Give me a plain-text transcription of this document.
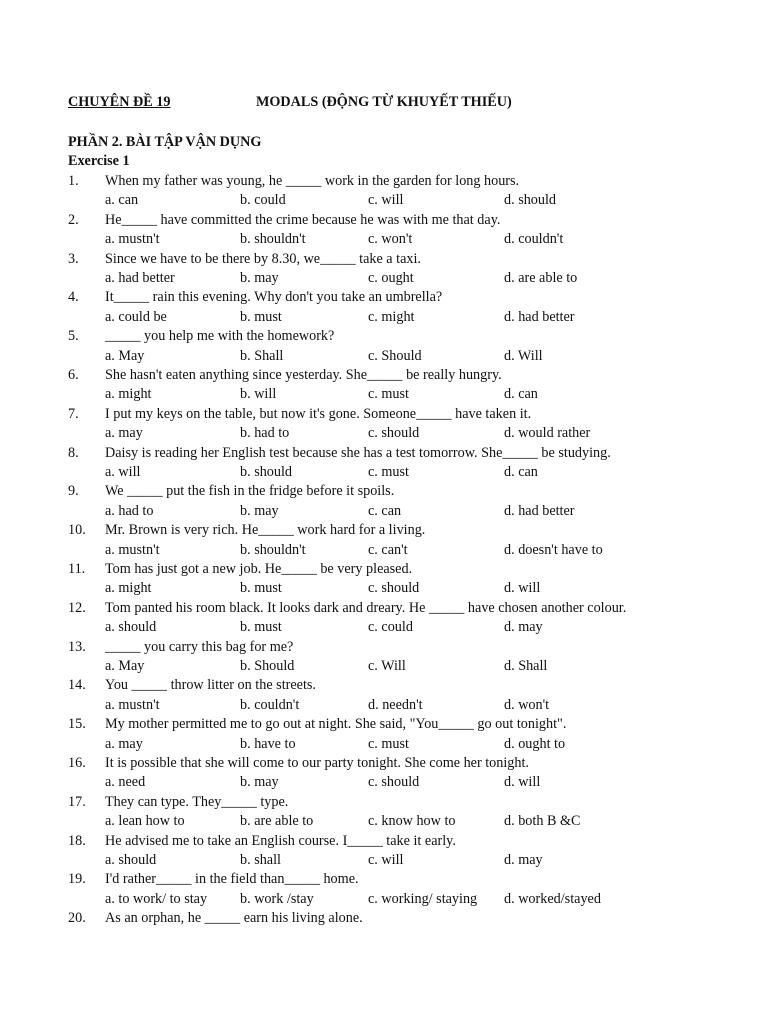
CHUYÊN ĐỀ 19	MODALS (ĐỘNG TỪ KHUYẾT THIẾU)
PHẦN 2. BÀI TẬP VẬN DỤNG
Exercise 1
1. When my father was young, he _____ work in the garden for long hours.
a. can	b. could	c. will	d. should
2. He_____ have committed the crime because he was with me that day.
a. mustn't	b. shouldn't	c. won't	d. couldn't
3. Since we have to be there by 8.30, we_____ take a taxi.
a. had better	b. may	c. ought	d. are able to
4. It_____ rain this evening. Why don't you take an umbrella?
a. could be	b. must	c. might	d. had better
5. _____ you help me with the homework?
a. May	b. Shall	c. Should	d. Will
6. She hasn't eaten anything since yesterday. She_____ be really hungry.
a. might	b. will	c. must	d. can
7. I put my keys on the table, but now it's gone. Someone_____ have taken it.
a. may	b. had to	c. should	d. would rather
8. Daisy is reading her English test because she has a test tomorrow. She_____ be studying.
a. will	b. should	c. must	d. can
9. We _____ put the fish in the fridge before it spoils.
a. had to	b. may	c. can	d. had better
10. Mr. Brown is very rich. He_____ work hard for a living.
a. mustn't	b. shouldn't	c. can't	d. doesn't have to
11. Tom has just got a new job. He_____ be very pleased.
a. might	b. must	c. should	d. will
12. Tom panted his room black. It looks dark and dreary. He _____ have chosen another colour.
a. should	b. must	c. could	d. may
13. _____ you carry this bag for me?
a. May	b. Should	c. Will	d. Shall
14. You _____ throw litter on the streets.
a. mustn't	b. couldn't	d. needn't	d. won't
15. My mother permitted me to go out at night. She said, "You_____ go out tonight".
a. may	b. have to	c. must	d. ought to
16. It is possible that she will come to our party tonight. She come her tonight.
a. need	b. may	c. should	d. will
17. They can type. They_____ type.
a. lean how to	b. are able to	c. know how to	d. both B &C
18. He advised me to take an English course. I_____ take it early.
a. should	b. shall	c. will	d. may
19. I'd rather_____ in the field than_____ home.
a. to work/ to stay b. work /stay	c. working/ staying d. worked/stayed
20. As an orphan, he _____ earn his living alone.
